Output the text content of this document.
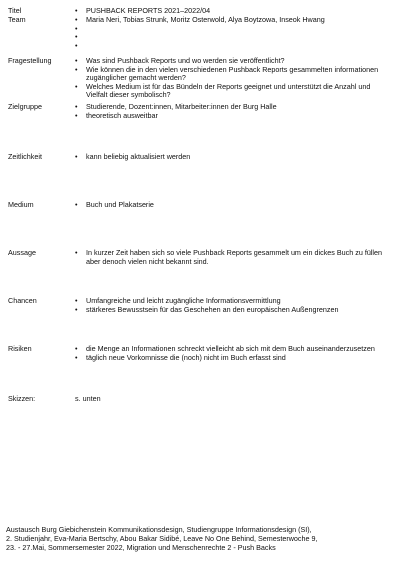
Titel	• PUSHBACK REPORTS 2021–2022/04
Team	• Maria Neri, Tobias Strunk, Moritz Osterwold, Alya Boytzowa, Inseok Hwang
•
•
•
Fragestellung	• Was sind Pushback Reports und wo werden sie veröffentlicht?
• Wie können die in den vielen verschiedenen Pushback Reports gesammelten informationen zugänglicher gemacht werden?
• Welches Medium ist für das Bündeln der Reports geeignet und unterstützt die Anzahl und Vielfalt dieser symbolisch?
Zielgruppe	• Studierende, Dozent:innen, Mitarbeiter:innen der Burg Halle
• theoretisch ausweitbar
Zeitlichkeit	• kann beliebig aktualisiert werden
Medium	• Buch und Plakatserie
Aussage	• In kurzer Zeit haben sich so viele Pushback Reports gesammelt um ein dickes Buch zu füllen aber denoch vielen nicht bekannt sind.
Chancen	• Umfangreiche und leicht zugängliche Informationsvermittlung
• stärkeres Bewusstsein für das Geschehen an den europäischen Außengrenzen
Risiken	• die Menge an Informationen schreckt vielleicht ab sich mit dem Buch auseinanderzusetzen
• täglich neue Vorkomnisse die (noch) nicht im Buch erfasst sind
Skizzen:	s. unten
Austausch Burg Giebichenstein Kommunikationsdesign, Studiengruppe Informationsdesign (SI),
2. Studienjahr, Eva-Maria Bertschy, Abou Bakar Sidibé, Leave No One Behind, Semesterwoche 9,
23. - 27.Mai, Sommersemester 2022, Migration und Menschenrechte 2 - Push Backs
